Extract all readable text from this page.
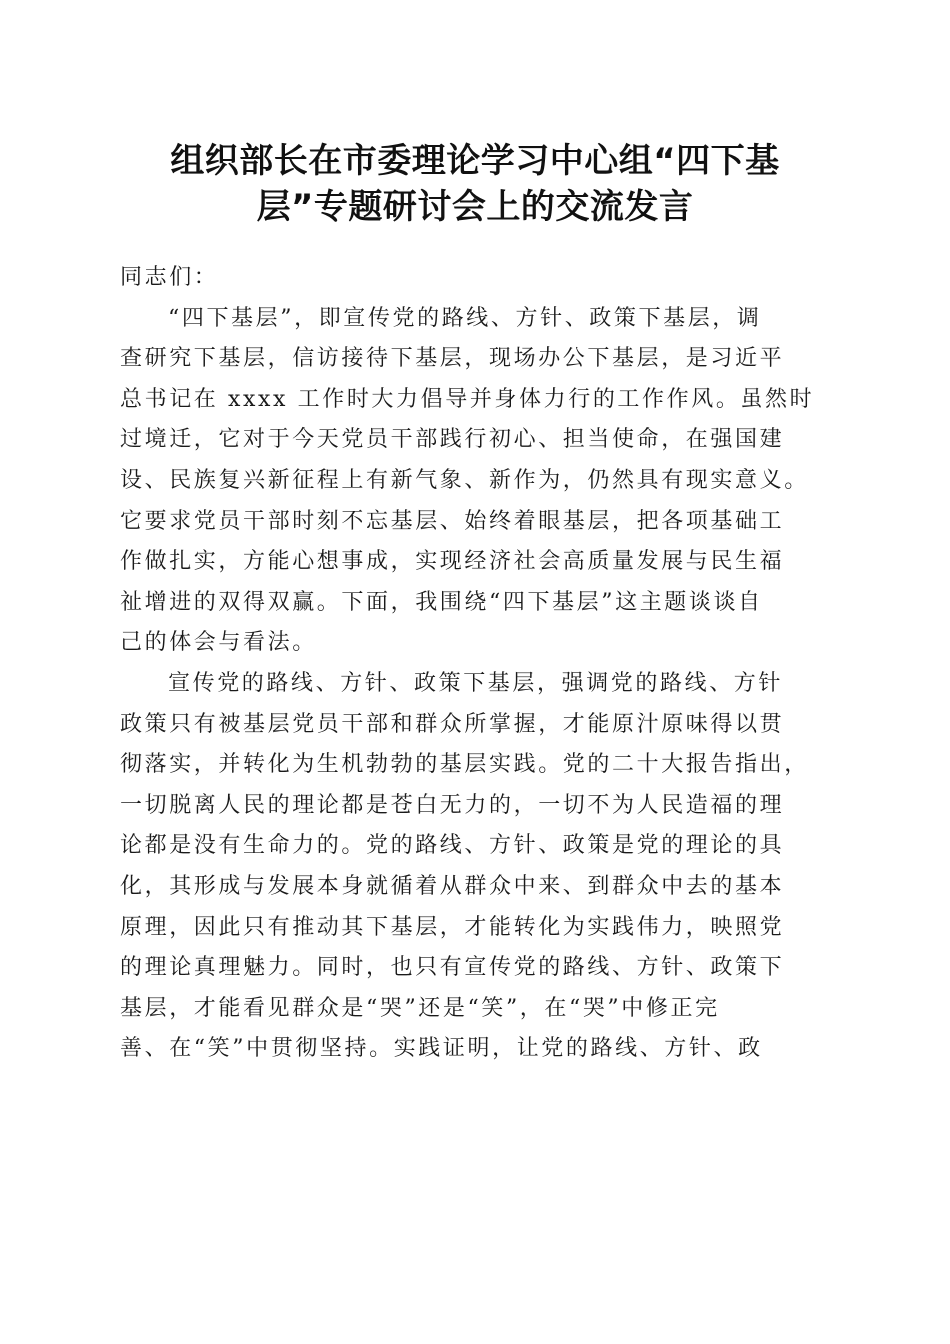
组织部长在市委理论学习中心组“四下基
层”专题研讨会上的交流发言
同志们：
“四下基层”，即宣传党的路线、方针、政策下基层，调
查研究下基层，信访接待下基层，现场办公下基层，是习近平
总书记在 xxxx 工作时大力倡导并身体力行的工作作风。虽然时
过境迁，它对于今天党员干部践行初心、担当使命，在强国建
设、民族复兴新征程上有新气象、新作为，仍然具有现实意义。
它要求党员干部时刻不忘基层、始终着眼基层，把各项基础工
作做扎实，方能心想事成，实现经济社会高质量发展与民生福
祉增进的双得双赢。下面，我围绕“四下基层”这主题谈谈自
己的体会与看法。
宣传党的路线、方针、政策下基层，强调党的路线、方针
政策只有被基层党员干部和群众所掌握，才能原汁原味得以贯
彻落实，并转化为生机勃勃的基层实践。党的二十大报告指出，
一切脱离人民的理论都是苍白无力的，一切不为人民造福的理
论都是没有生命力的。党的路线、方针、政策是党的理论的具
化，其形成与发展本身就循着从群众中来、到群众中去的基本
原理，因此只有推动其下基层，才能转化为实践伟力，映照党
的理论真理魅力。同时，也只有宣传党的路线、方针、政策下
基层，才能看见群众是“哭”还是“笑”，在“哭”中修正完
善、在“笑”中贯彻坚持。实践证明，让党的路线、方针、政
